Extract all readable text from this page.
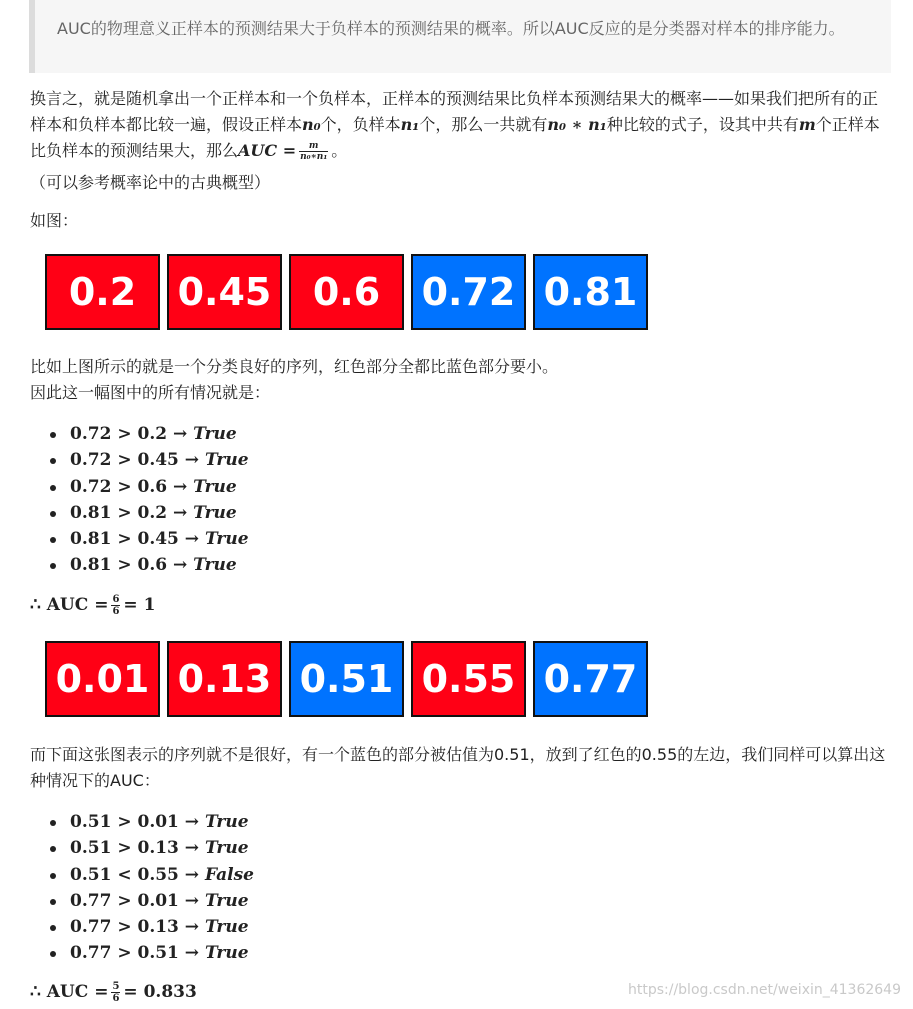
AUC的物理意义正样本的预测结果大于负样本的预测结果的概率。所以AUC反应的是分类器对样本的排序能力。
换言之，就是随机拿出一个正样本和一个负样本，正样本的预测结果比负样本预测结果大的概率——如果我们把所有的正样本和负样本都比较一遍，假设正样本n₀个，负样本n₁个，那么一共就有n₀ ∗ n₁种比较的式子，设其中共有m个正样本比负样本的预测结果大，那么AUC = $\frac{m}{\text{n₀∗n₁}}$ 。
（可以参考概率论中的古典概型）
如图：
0.2	0.45	0.6	0.72 0.81
比如上图所示的就是一个分类良好的序列，红色部分全都比蓝色部分要小。
因此这一幅图中的所有情况就是：
0.72 > 0.2 → True
0.72 > 0.45 → True
0.72 > 0.6 → True
0.81 > 0.2 → True
0.81 > 0.45 → True
0.81 > 0.6 → True
∴ AUC = $\frac{6}{6} = 1$
0.01 0.13 0.51 0.55 0.77
而下面这张图表示的序列就不是很好，有一个蓝色的部分被估值为0.51，放到了红色的0.55的左边，我们同样可以算出这种情况下的AUC：
0.51 > 0.01 → True
0.51 > 0.13 → True
0.51 < 0.55 → False
0.77 > 0.01 → True
0.77 > 0.13 → True
0.77 > 0.51 → True
∴ AUC = $\frac{5}{6} = 0.833$	https://blog.csdn.net/weixin_41362649
